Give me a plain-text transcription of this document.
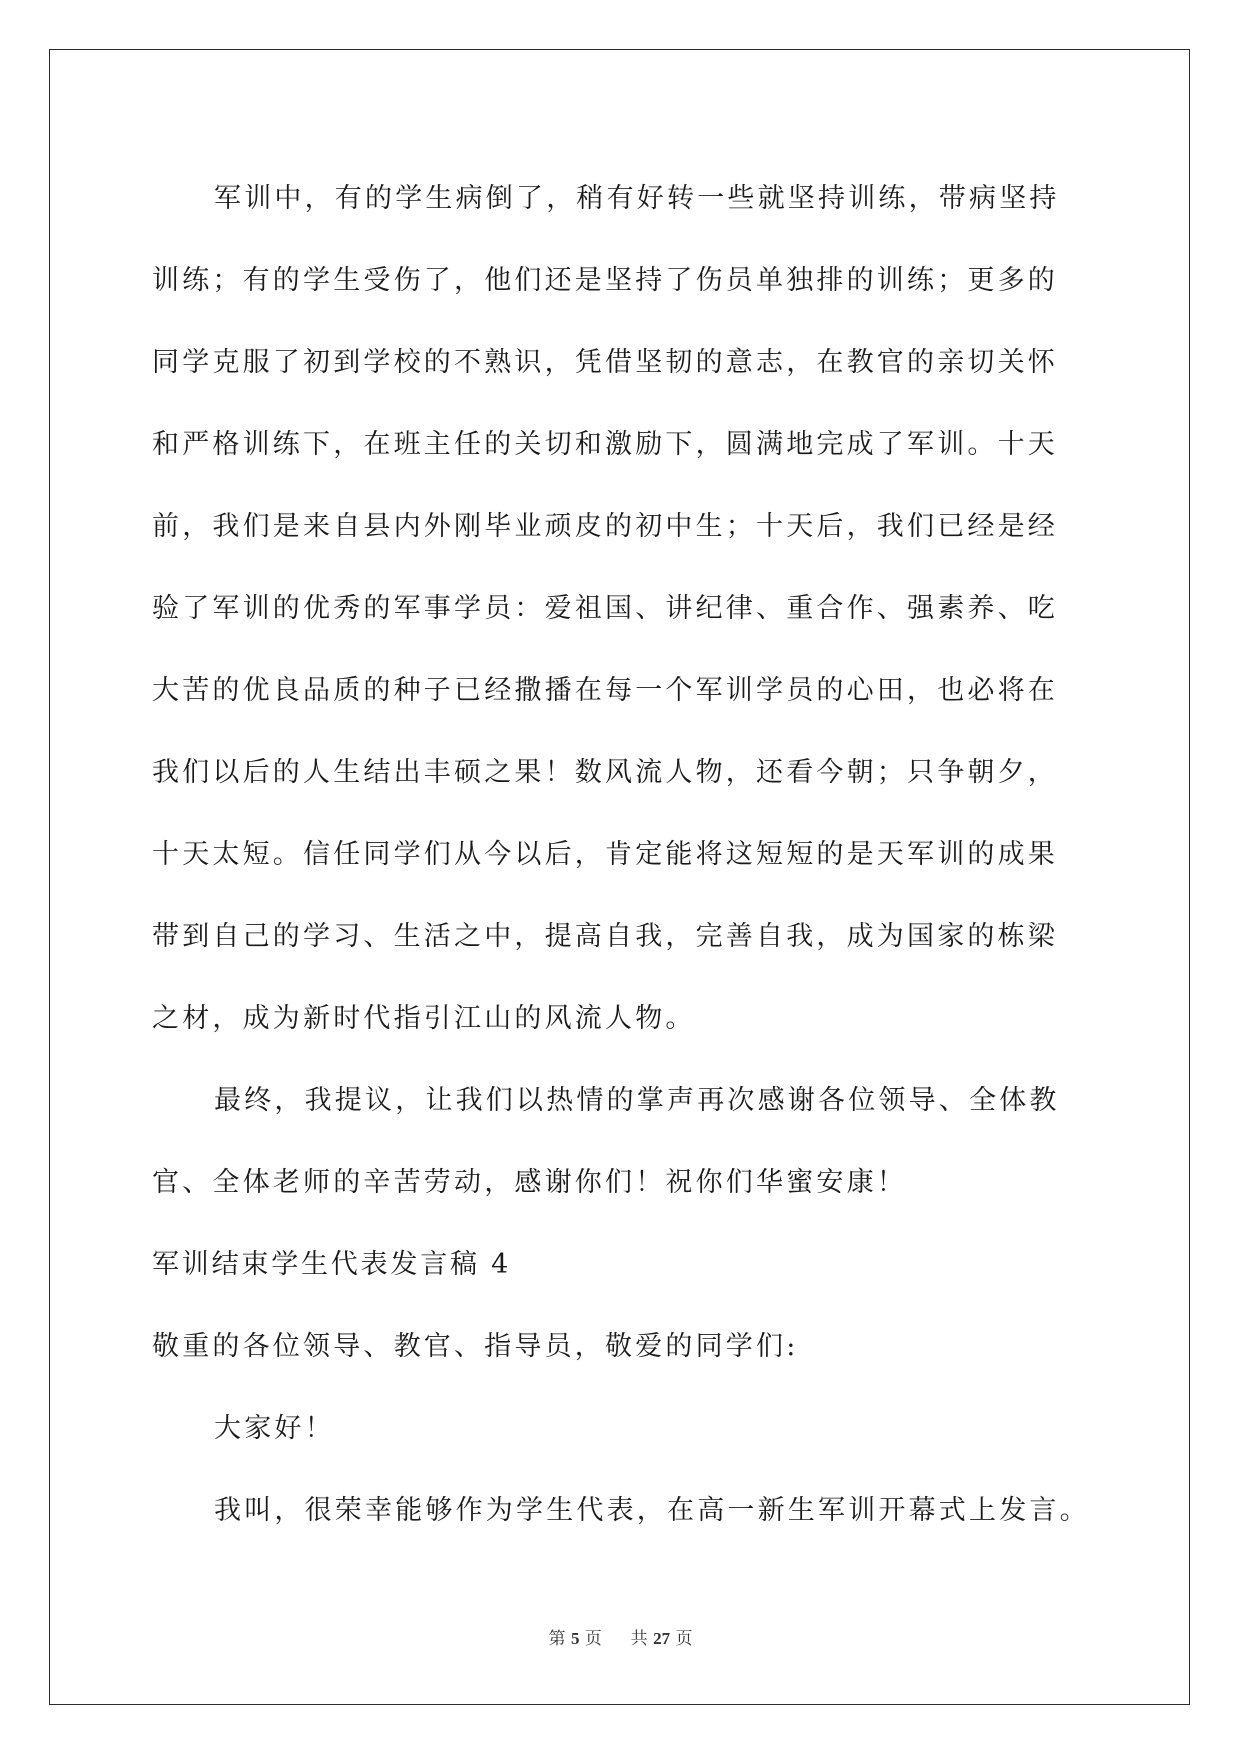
军训中，有的学生病倒了，稍有好转一些就坚持训练，带病坚持

训练；有的学生受伤了，他们还是坚持了伤员单独排的训练；更多的

同学克服了初到学校的不熟识，凭借坚韧的意志，在教官的亲切关怀

和严格训练下，在班主任的关切和激励下，圆满地完成了军训。十天

前，我们是来自县内外刚毕业顽皮的初中生；十天后，我们已经是经

验了军训的优秀的军事学员：爱祖国、讲纪律、重合作、强素养、吃

大苦的优良品质的种子已经撒播在每一个军训学员的心田，也必将在

我们以后的人生结出丰硕之果！数风流人物，还看今朝；只争朝夕，

十天太短。信任同学们从今以后，肯定能将这短短的是天军训的成果

带到自己的学习、生活之中，提高自我，完善自我，成为国家的栋梁

之材，成为新时代指引江山的风流人物。

最终，我提议，让我们以热情的掌声再次感谢各位领导、全体教

官、全体老师的辛苦劳动，感谢你们！祝你们华蜜安康！

军训结束学生代表发言稿 4

敬重的各位领导、教官、指导员，敬爱的同学们:

大家好！

我叫，很荣幸能够作为学生代表，在高一新生军训开幕式上发言。

第 5 页 共 27 页
